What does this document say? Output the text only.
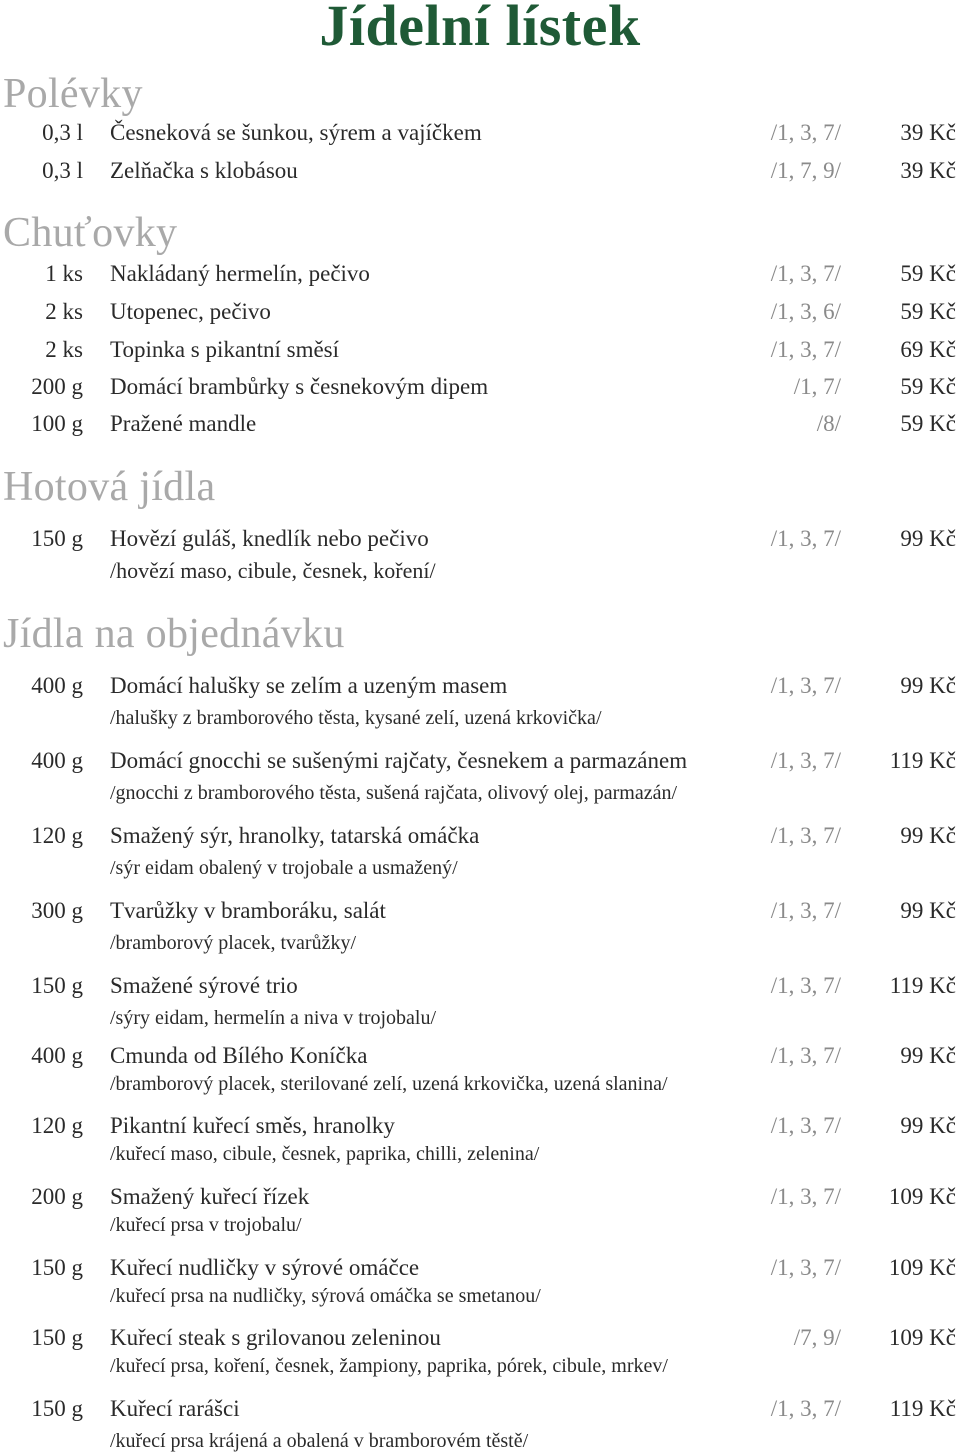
Jídelní lístek
Polévky
0,3 l Česneková se šunkou, sýrem a vajíčkem	/1, 3, 7/	39 Kč
0,3 l Zelňačka s klobásou	/1, 7, 9/	39 Kč
Chuťovky
1 ks Nakládaný hermelín, pečivo	/1, 3, 7/	59 Kč
2 ks Utopenec, pečivo	/1, 3, 6/	59 Kč
2 ks Topinka s pikantní směsí	/1, 3, 7/	69 Kč
200 g Domácí brambůrky s česnekovým dipem	/1, 7/	59 Kč
100 g Pražené mandle	/8/	59 Kč
Hotová jídla
150 g Hovězí guláš, knedlík nebo pečivo	/1, 3, 7/	99 Kč
/hovězí maso, cibule, česnek, koření/
Jídla na objednávku
400 g Domácí halušky se zelím a uzeným masem	/1, 3, 7/	99 Kč
/halušky z bramborového těsta, kysané zelí, uzená krkovička/
400 g Domácí gnocchi se sušenými rajčaty, česnekem a parmazánem	/1, 3, 7/ 119 Kč
/gnocchi z bramborového těsta, sušená rajčata, olivový olej, parmazán/
120 g Smažený sýr, hranolky, tatarská omáčka	/1, 3, 7/	99 Kč
/sýr eidam obalený v trojobale a usmažený/
300 g Tvarůžky v bramboráku, salát	/1, 3, 7/	99 Kč
/bramborový placek, tvarůžky/
150 g Smažené sýrové trio	/1, 3, 7/ 119 Kč
/sýry eidam, hermelín a niva v trojobalu/
400 g Cmunda od Bílého Koníčka	/1, 3, 7/	99 Kč
/bramborový placek, sterilované zelí, uzená krkovička, uzená slanina/
120 g Pikantní kuřecí směs, hranolky	/1, 3, 7/	99 Kč
/kuřecí maso, cibule, česnek, paprika, chilli, zelenina/
200 g Smažený kuřecí řízek	/1, 3, 7/ 109 Kč
/kuřecí prsa v trojobalu/
150 g Kuřecí nudličky v sýrové omáčce	/1, 3, 7/ 109 Kč
/kuřecí prsa na nudličky, sýrová omáčka se smetanou/
150 g Kuřecí steak s grilovanou zeleninou	/7, 9/ 109 Kč
/kuřecí prsa, koření, česnek, žampiony, paprika, pórek, cibule, mrkev/
150 g Kuřecí rarášci	/1, 3, 7/ 119 Kč
/kuřecí prsa krájená a obalená v bramborovém těstě/
